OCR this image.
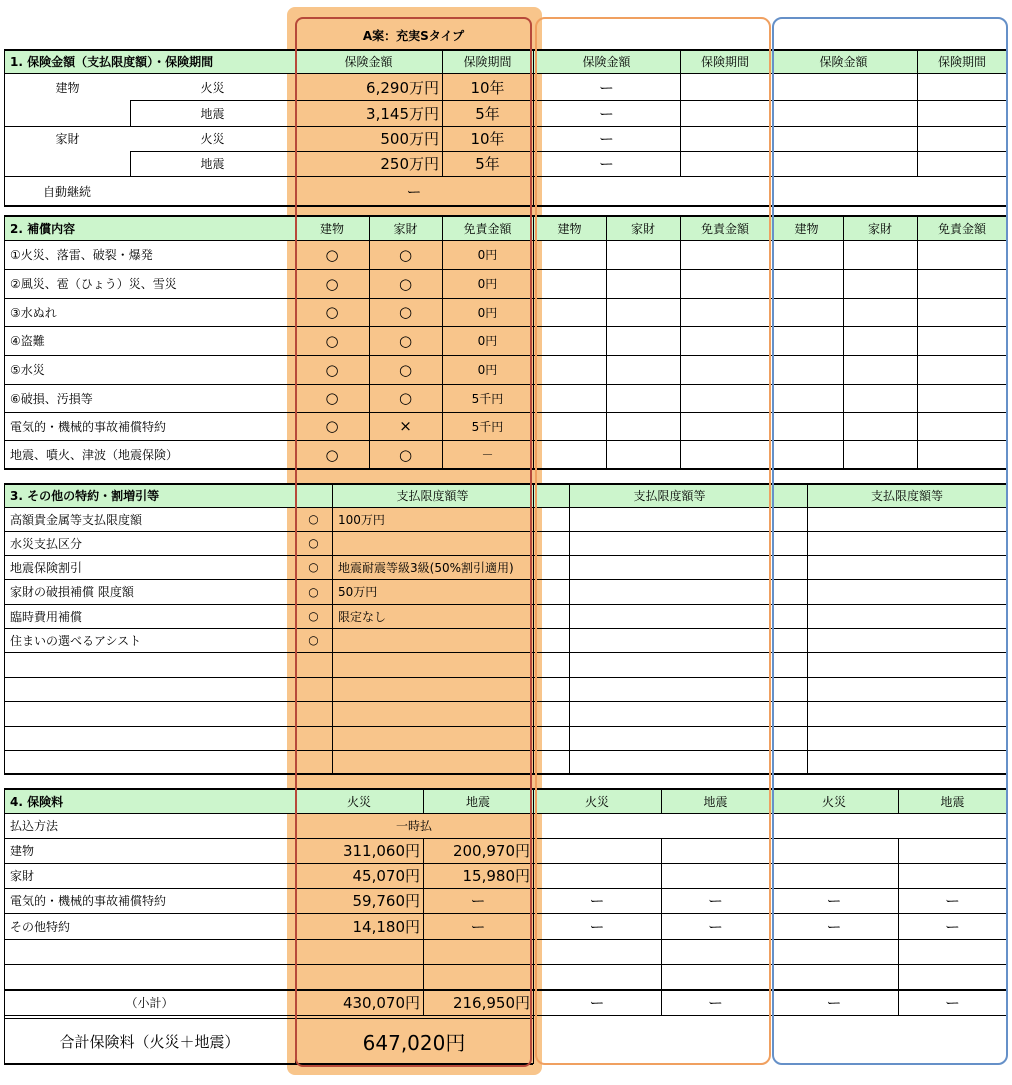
A案：充実Sタイプ
1. 保険金額（支払限度額）・保険期間	保険金額	保険期間	保険金額	保険期間	保険金額	保険期間
建物
家財
火災	6,290万円	10年	ー
地震	3,145万円	5年	ー
火災	500万円	10年	ー
地震	250万円	5年	ー
自動継続	ー
2. 補償内容	建物	家財	免責金額	建物	家財	免責金額	建物	家財	免責金額
①火災、落雷、破裂・爆発	○	○	0円
②風災、雹（ひょう）災、雪災	○	○	0円
③水ぬれ	○	○	0円
④盗難	○	○	0円
⑤水災	○	○	0円
⑥破損、汚損等	○	○	5千円
電気的・機械的事故補償特約	○	×	5千円
地震、噴火、津波（地震保険）	○	○	－
3. その他の特約・割増引等	支払限度額等	支払限度額等	支払限度額等
高額貴金属等支払限度額	○	100万円
水災支払区分	○
地震保険割引	○	地震耐震等級3級(50%割引適用)
家財の破損補償 限度額	○	50万円
臨時費用補償	○	限定なし
住まいの選べるアシスト	○
4. 保険料	火災	地震	火災	地震	火災	地震
払込方法	一時払
建物	311,060円	200,970円
家財	45,070円	15,980円
電気的・機械的事故補償特約	59,760円	ー	ー	ー	ー	ー
その他特約	14,180円	ー	ー	ー	ー	ー
（小計）	430,070円	216,950円	ー	ー	ー	ー
合計保険料（火災＋地震）	647,020円
